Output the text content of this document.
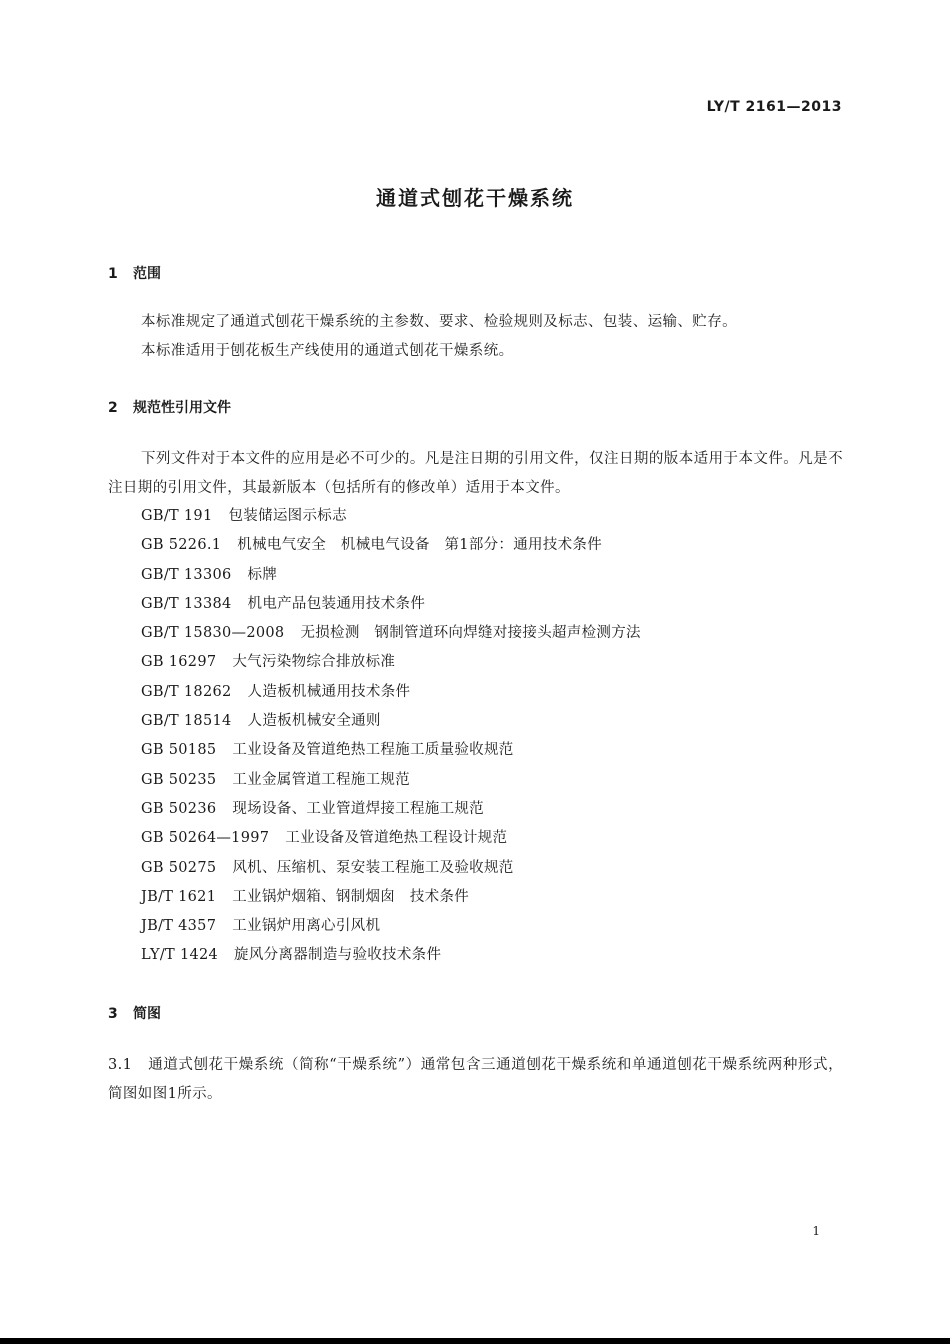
LY/T 2161—2013
通道式刨花干燥系统
1 范围
本标准规定了通道式刨花干燥系统的主参数、要求、检验规则及标志、包装、运输、贮存。
本标准适用于刨花板生产线使用的通道式刨花干燥系统。
2 规范性引用文件
下列文件对于本文件的应用是必不可少的。凡是注日期的引用文件，仅注日期的版本适用于本文件。凡是不注日期的引用文件，其最新版本（包括所有的修改单）适用于本文件。
GB/T 191 包装储运图示标志
GB 5226.1 机械电气安全　机械电气设备　第1部分：通用技术条件
GB/T 13306 标牌
GB/T 13384 机电产品包装通用技术条件
GB/T 15830—2008 无损检测　钢制管道环向焊缝对接接头超声检测方法
GB 16297 大气污染物综合排放标准
GB/T 18262 人造板机械通用技术条件
GB/T 18514 人造板机械安全通则
GB 50185 工业设备及管道绝热工程施工质量验收规范
GB 50235 工业金属管道工程施工规范
GB 50236 现场设备、工业管道焊接工程施工规范
GB 50264—1997 工业设备及管道绝热工程设计规范
GB 50275 风机、压缩机、泵安装工程施工及验收规范
JB/T 1621 工业锅炉烟箱、钢制烟囱　技术条件
JB/T 4357 工业锅炉用离心引风机
LY/T 1424 旋风分离器制造与验收技术条件
3 简图
3.1 通道式刨花干燥系统（简称“干燥系统”）通常包含三通道刨花干燥系统和单通道刨花干燥系统两种形式，简图如图1所示。
1
